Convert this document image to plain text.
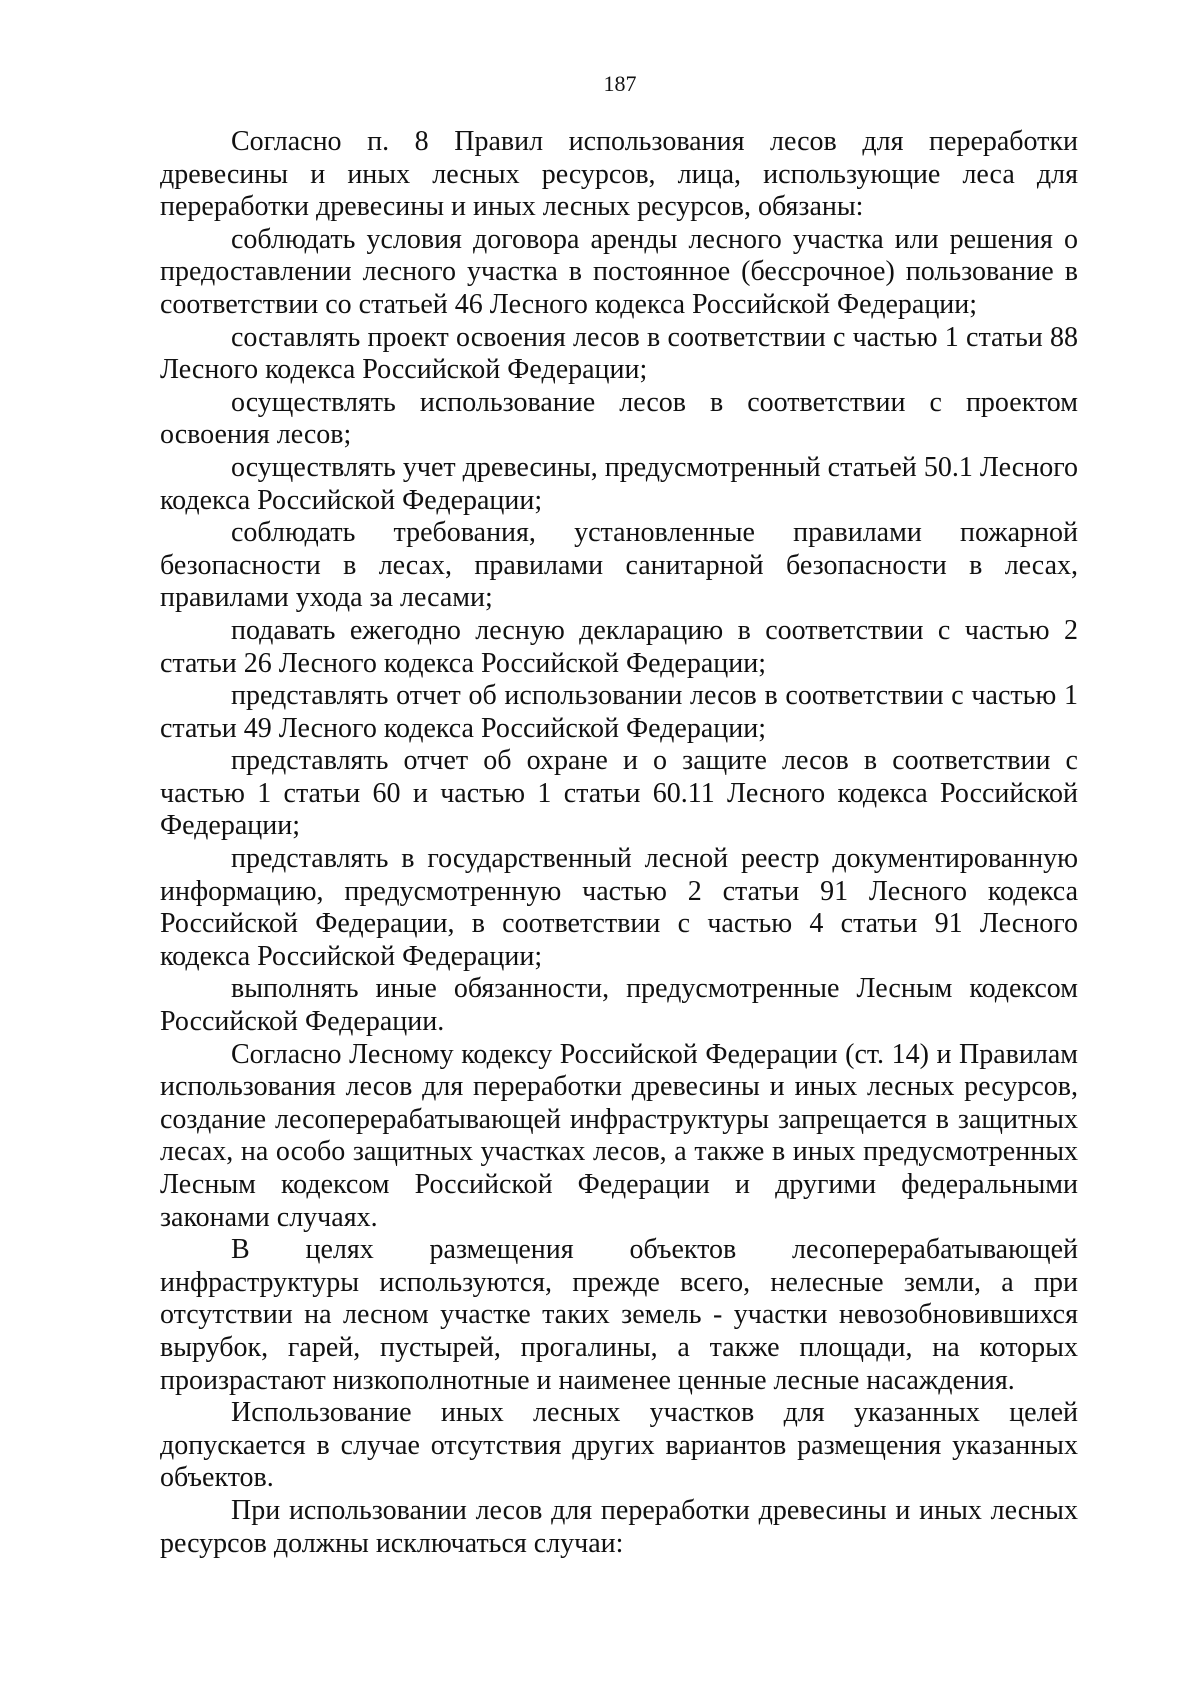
187

Согласно п. 8 Правил использования лесов для переработки древесины и иных лесных ресурсов, лица, использующие леса для переработки древесины и иных лесных ресурсов, обязаны:

соблюдать условия договора аренды лесного участка или решения о предоставлении лесного участка в постоянное (бессрочное) пользование в соответствии со статьей 46 Лесного кодекса Российской Федерации;

составлять проект освоения лесов в соответствии с частью 1 статьи 88 Лесного кодекса Российской Федерации;

осуществлять использование лесов в соответствии с проектом освоения лесов;

осуществлять учет древесины, предусмотренный статьей 50.1 Лесного кодекса Российской Федерации;

соблюдать требования, установленные правилами пожарной безопасности в лесах, правилами санитарной безопасности в лесах, правилами ухода за лесами;

подавать ежегодно лесную декларацию в соответствии с частью 2 статьи 26 Лесного кодекса Российской Федерации;

представлять отчет об использовании лесов в соответствии с частью 1 статьи 49 Лесного кодекса Российской Федерации;

представлять отчет об охране и о защите лесов в соответствии с частью 1 статьи 60 и частью 1 статьи 60.11 Лесного кодекса Российской Федерации;

представлять в государственный лесной реестр документированную информацию, предусмотренную частью 2 статьи 91 Лесного кодекса Российской Федерации, в соответствии с частью 4 статьи 91 Лесного кодекса Российской Федерации;

выполнять иные обязанности, предусмотренные Лесным кодексом Российской Федерации.

Согласно Лесному кодексу Российской Федерации (ст. 14) и Правилам использования лесов для переработки древесины и иных лесных ресурсов, создание лесоперерабатывающей инфраструктуры запрещается в защитных лесах, на особо защитных участках лесов, а также в иных предусмотренных Лесным кодексом Российской Федерации и другими федеральными законами случаях.

В целях размещения объектов лесоперерабатывающей инфраструктуры используются, прежде всего, нелесные земли, а при отсутствии на лесном участке таких земель - участки невозобновившихся вырубок, гарей, пустырей, прогалины, а также площади, на которых произрастают низкополнотные и наименее ценные лесные насаждения.

Использование иных лесных участков для указанных целей допускается в случае отсутствия других вариантов размещения указанных объектов.

При использовании лесов для переработки древесины и иных лесных ресурсов должны исключаться случаи:
